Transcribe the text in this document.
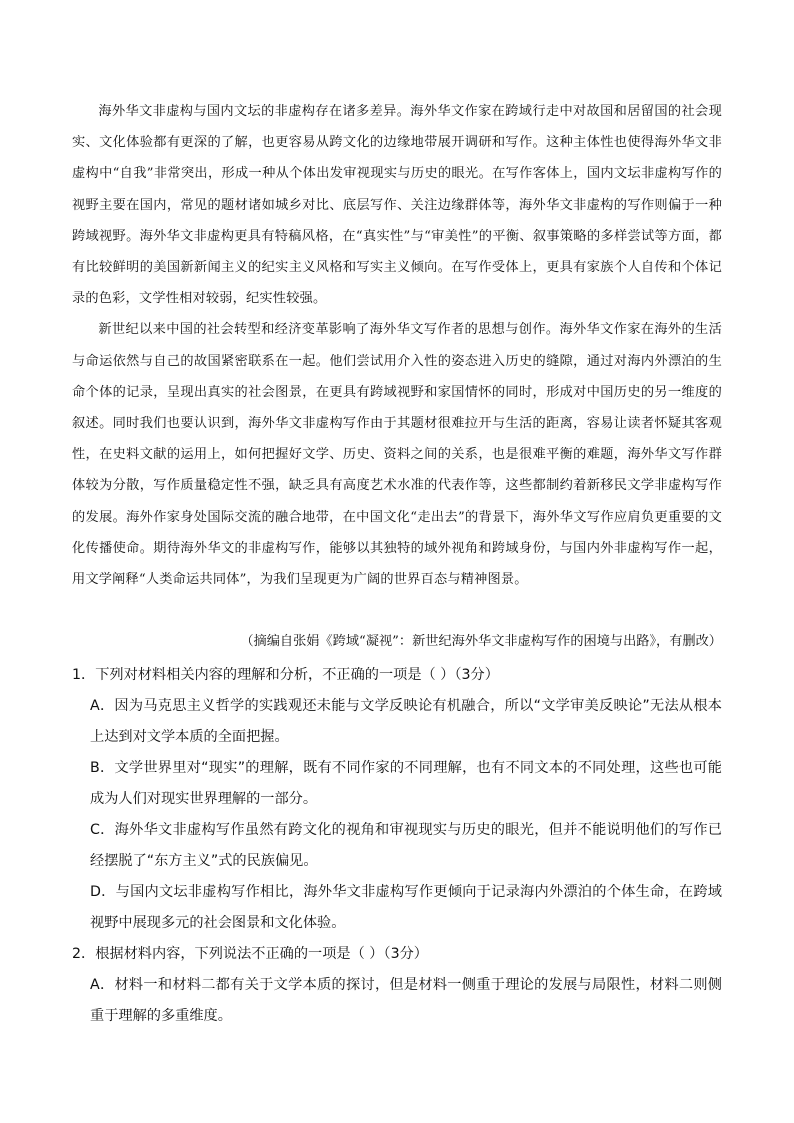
海外华文非虚构与国内文坛的非虚构存在诸多差异。海外华文作家在跨域行走中对故国和居留国的社会现实、文化体验都有更深的了解，也更容易从跨文化的边缘地带展开调研和写作。这种主体性也使得海外华文非虚构中“自我”非常突出，形成一种从个体出发审视现实与历史的眼光。在写作客体上，国内文坛非虚构写作的视野主要在国内，常见的题材诸如城乡对比、底层写作、关注边缘群体等，海外华文非虚构的写作则偏于一种跨域视野。海外华文非虚构更具有特稿风格，在“真实性”与“审美性”的平衡、叙事策略的多样尝试等方面，都有比较鲜明的美国新新闻主义的纪实主义风格和写实主义倾向。在写作受体上，更具有家族个人自传和个体记录的色彩，文学性相对较弱，纪实性较强。

新世纪以来中国的社会转型和经济变革影响了海外华文写作者的思想与创作。海外华文作家在海外的生活与命运依然与自己的故国紧密联系在一起。他们尝试用介入性的姿态进入历史的缝隙，通过对海内外漂泊的生命个体的记录，呈现出真实的社会图景，在更具有跨域视野和家国情怀的同时，形成对中国历史的另一维度的叙述。同时我们也要认识到，海外华文非虚构写作由于其题材很难拉开与生活的距离，容易让读者怀疑其客观性，在史料文献的运用上，如何把握好文学、历史、资料之间的关系，也是很难平衡的难题，海外华文写作群体较为分散，写作质量稳定性不强，缺乏具有高度艺术水准的代表作等，这些都制约着新移民文学非虚构写作的发展。海外作家身处国际交流的融合地带，在中国文化“走出去”的背景下，海外华文写作应肩负更重要的文化传播使命。期待海外华文的非虚构写作，能够以其独特的域外视角和跨域身份，与国内外非虚构写作一起，用文学阐释“人类命运共同体”，为我们呈现更为广阔的世界百态与精神图景。

（摘编自张娟《跨域“凝视”：新世纪海外华文非虚构写作的困境与出路》，有删改）

1．下列对材料相关内容的理解和分析，不正确的一项是（ ）（3分）

A．因为马克思主义哲学的实践观还未能与文学反映论有机融合，所以“文学审美反映论”无法从根本上达到对文学本质的全面把握。

B．文学世界里对“现实”的理解，既有不同作家的不同理解，也有不同文本的不同处理，这些也可能成为人们对现实世界理解的一部分。

C．海外华文非虚构写作虽然有跨文化的视角和审视现实与历史的眼光，但并不能说明他们的写作已经摆脱了“东方主义”式的民族偏见。

D．与国内文坛非虚构写作相比，海外华文非虚构写作更倾向于记录海内外漂泊的个体生命，在跨域视野中展现多元的社会图景和文化体验。

2．根据材料内容，下列说法不正确的一项是（ ）（3分）

A．材料一和材料二都有关于文学本质的探讨，但是材料一侧重于理论的发展与局限性，材料二则侧重于理解的多重维度。
